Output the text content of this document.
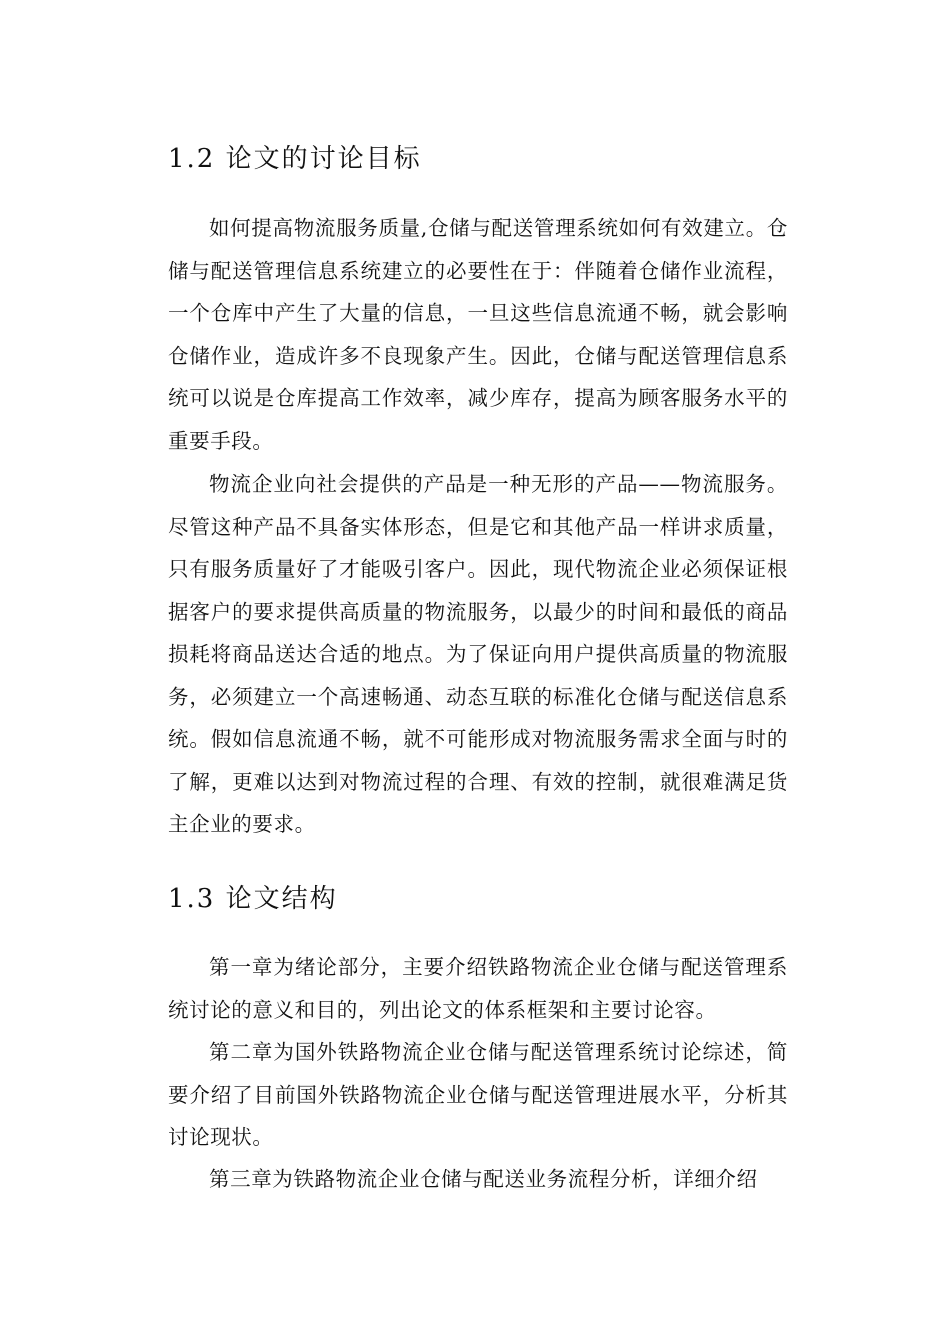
1.2 论文的讨论目标

如何提高物流服务质量,仓储与配送管理系统如何有效建立。仓储与配送管理信息系统建立的必要性在于：伴随着仓储作业流程，一个仓库中产生了大量的信息，一旦这些信息流通不畅，就会影响仓储作业，造成许多不良现象产生。因此，仓储与配送管理信息系统可以说是仓库提高工作效率，减少库存，提高为顾客服务水平的重要手段。

物流企业向社会提供的产品是一种无形的产品——物流服务。尽管这种产品不具备实体形态，但是它和其他产品一样讲求质量，只有服务质量好了才能吸引客户。因此，现代物流企业必须保证根据客户的要求提供高质量的物流服务，以最少的时间和最低的商品损耗将商品送达合适的地点。为了保证向用户提供高质量的物流服务，必须建立一个高速畅通、动态互联的标准化仓储与配送信息系统。假如信息流通不畅，就不可能形成对物流服务需求全面与时的了解，更难以达到对物流过程的合理、有效的控制，就很难满足货主企业的要求。

1.3 论文结构

第一章为绪论部分，主要介绍铁路物流企业仓储与配送管理系统讨论的意义和目的，列出论文的体系框架和主要讨论容。

第二章为国外铁路物流企业仓储与配送管理系统讨论综述，简要介绍了目前国外铁路物流企业仓储与配送管理进展水平，分析其讨论现状。

第三章为铁路物流企业仓储与配送业务流程分析，详细介绍
